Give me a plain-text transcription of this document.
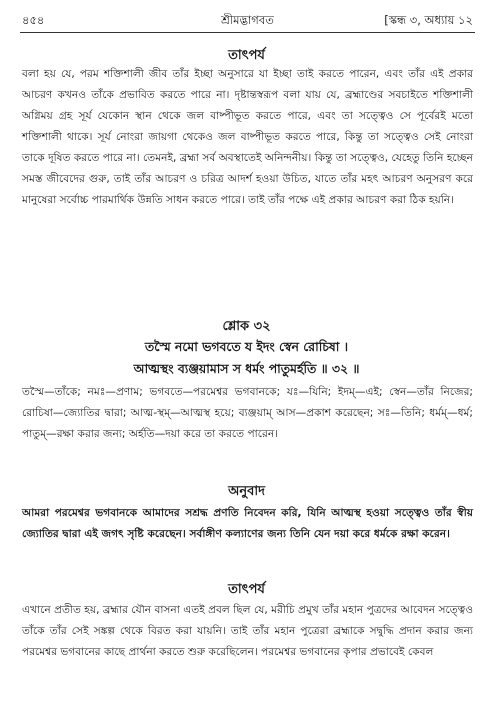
৪৫৪	শ্রীমদ্ভাগবত	[স্কন্ধ ৩, অধ্যায় ১২
তাৎপর্য

বলা হয় যে, পরম শক্তিশালী জীব তাঁর ইচ্ছা অনুসারে যা ইচ্ছা তাই করতে পারেন, এবং তাঁর এই প্রকার আচরণ কখনও তাঁকে প্রভাবিত করতে পারে না। দৃষ্টান্তস্বরূপ বলা যায় যে, ব্রহ্মাণ্ডের সবচাইতে শক্তিশালী অগ্নিময় গ্রহ সূর্য যেকোন স্থান থেকে জল বাষ্পীভূত করতে পারে, এবং তা সত্ত্বেও সে পূর্বেরই মতো শক্তিশালী থাকে। সূর্য নোংরা জায়গা থেকেও জল বাষ্পীভূত করতে পারে, কিন্তু তা সত্ত্বেও সেই নোংরা তাকে দূষিত করতে পারে না। তেমনই, ব্রহ্মা সর্ব অবস্থাতেই অনিন্দনীয়। কিন্তু তা সত্ত্বেও, যেহেতু তিনি হচ্ছেন সমস্ত জীবেদের গুরু, তাই তাঁর আচরণ ও চরিত্র আদর্শ হওয়া উচিত, যাতে তাঁর মহৎ আচরণ অনুসরণ করে মানুষেরা সর্বোচ্চ পারমার্থিক উন্নতি সাধন করতে পারে। তাই তাঁর পক্ষে এই প্রকার আচরণ করা ঠিক হয়নি।

শ্লোক ৩২

তস্মৈ নমো ভগবতে য ইদং স্বেন রোচিষা ।

আত্মস্থং ব্যঞ্জয়ামাস স ধর্মং পাতুমর্হতি ॥ ৩২ ॥

তস্মৈ—তাঁকে; নমঃ—প্রণাম; ভগবতে—পরমেশ্বর ভগবানকে; যঃ—যিনি; ইদম্—এই; স্বেন—তাঁর নিজের; রোচিষা—জ্যোতির দ্বারা; আত্ম-স্থম্—আত্মস্থ হয়ে; ব্যঞ্জয়াম্ আস—প্রকাশ করেছেন; সঃ—তিনি; ধর্মম্—ধর্ম; পাতুম্—রক্ষা করার জন্য; অর্হতি—দয়া করে তা করতে পারেন।

অনুবাদ

আমরা পরমেশ্বর ভগবানকে আমাদের সশ্রদ্ধ প্রণতি নিবেদন করি, যিনি আত্মস্থ হওয়া সত্ত্বেও তাঁর স্বীয় জ্যোতির দ্বারা এই জগৎ সৃষ্টি করেছেন। সর্বাঙ্গীণ কল্যাণের জন্য তিনি যেন দয়া করে ধর্মকে রক্ষা করেন।

তাৎপর্য

এখানে প্রতীত হয়, ব্রহ্মার যৌন বাসনা এতই প্রবল ছিল যে, মরীচি প্রমুখ তাঁর মহান পুত্রদের আবেদন সত্ত্বেও তাঁকে তাঁর সেই সঙ্কল্প থেকে বিরত করা যায়নি। তাই তাঁর মহান পুত্রেরা ব্রহ্মাকে সদ্বুদ্ধি প্রদান করার জন্য পরমেশ্বর ভগবানের কাছে প্রার্থনা করতে শুরু করেছিলেন। পরমেশ্বর ভগবানের কৃপার প্রভাবেই কেবল
